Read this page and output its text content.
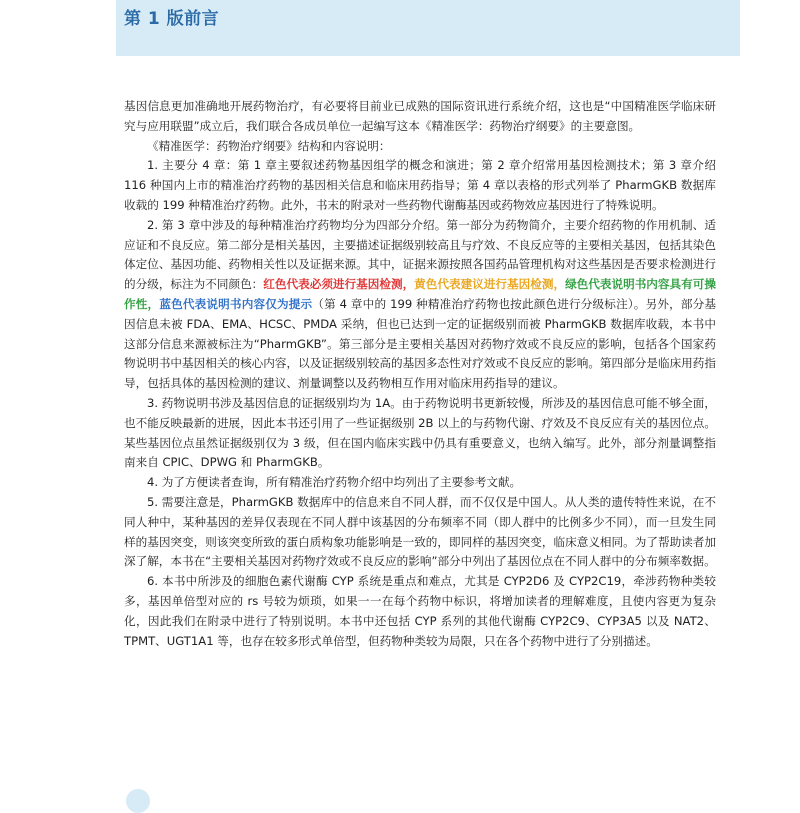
第 1 版前言

基因信息更加准确地开展药物治疗，有必要将目前业已成熟的国际资讯进行系统介绍，这也是“中国精准医学临床研究与应用联盟”成立后，我们联合各成员单位一起编写这本《精准医学：药物治疗纲要》的主要意图。

《精准医学：药物治疗纲要》结构和内容说明：

1. 主要分 4 章：第 1 章主要叙述药物基因组学的概念和演进；第 2 章介绍常用基因检测技术；第 3 章介绍 116 种国内上市的精准治疗药物的基因相关信息和临床用药指导；第 4 章以表格的形式列举了 PharmGKB 数据库收载的 199 种精准治疗药物。此外，书末的附录对一些药物代谢酶基因或药物效应基因进行了特殊说明。

2. 第 3 章中涉及的每种精准治疗药物均分为四部分介绍。第一部分为药物简介，主要介绍药物的作用机制、适应证和不良反应。第二部分是相关基因，主要描述证据级别较高且与疗效、不良反应等的主要相关基因，包括其染色体定位、基因功能、药物相关性以及证据来源。其中，证据来源按照各国药品管理机构对这些基因是否要求检测进行的分级，标注为不同颜色：红色代表必须进行基因检测，黄色代表建议进行基因检测，绿色代表说明书内容具有可操作性，蓝色代表说明书内容仅为提示（第 4 章中的 199 种精准治疗药物也按此颜色进行分级标注）。另外，部分基因信息未被 FDA、EMA、HCSC、PMDA 采纳，但也已达到一定的证据级别而被 PharmGKB 数据库收载，本书中这部分信息来源被标注为“PharmGKB”。第三部分是主要相关基因对药物疗效或不良反应的影响，包括各个国家药物说明书中基因相关的核心内容，以及证据级别较高的基因多态性对疗效或不良反应的影响。第四部分是临床用药指导，包括具体的基因检测的建议、剂量调整以及药物相互作用对临床用药指导的建议。

3. 药物说明书涉及基因信息的证据级别均为 1A。由于药物说明书更新较慢，所涉及的基因信息可能不够全面，也不能反映最新的进展，因此本书还引用了一些证据级别 2B 以上的与药物代谢、疗效及不良反应有关的基因位点。某些基因位点虽然证据级别仅为 3 级，但在国内临床实践中仍具有重要意义，也纳入编写。此外，部分剂量调整指南来自 CPIC、DPWG 和 PharmGKB。

4. 为了方便读者查询，所有精准治疗药物介绍中均列出了主要参考文献。

5. 需要注意是，PharmGKB 数据库中的信息来自不同人群，而不仅仅是中国人。从人类的遗传特性来说，在不同人种中，某种基因的差异仅表现在不同人群中该基因的分布频率不同（即人群中的比例多少不同），而一旦发生同样的基因突变，则该突变所致的蛋白质构象功能影响是一致的，即同样的基因突变，临床意义相同。为了帮助读者加深了解，本书在“主要相关基因对药物疗效或不良反应的影响”部分中列出了基因位点在不同人群中的分布频率数据。

6. 本书中所涉及的细胞色素代谢酶 CYP 系统是重点和难点，尤其是 CYP2D6 及 CYP2C19，牵涉药物种类较多，基因单倍型对应的 rs 号较为烦琐，如果一一在每个药物中标识，将增加读者的理解难度，且使内容更为复杂化，因此我们在附录中进行了特别说明。本书中还包括 CYP 系列的其他代谢酶 CYP2C9、CYP3A5 以及 NAT2、TPMT、UGT1A1 等，也存在较多形式单倍型，但药物种类较为局限，只在各个药物中进行了分别描述。
